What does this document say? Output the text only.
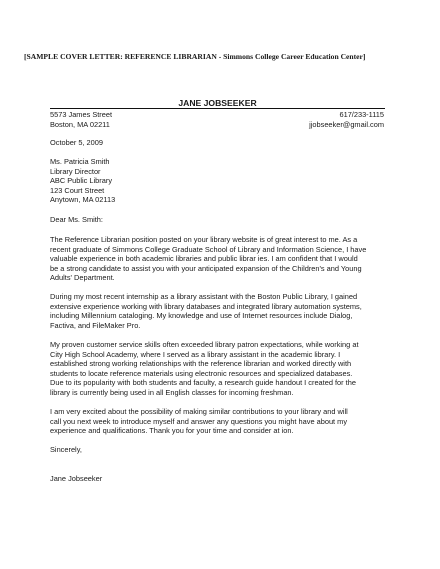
[SAMPLE COVER LETTER: REFERENCE LIBRARIAN - Simmons College Career Education Center]
JANE JOBSEEKER
5573 James Street
Boston, MA 02211
617/233-1115
jjobseeker@gmail.com
October 5, 2009
Ms. Patricia Smith
Library Director
ABC Public Library
123 Court Street
Anytown, MA 02113
Dear Ms. Smith:
The Reference Librarian position posted on your library website is of great interest to me. As a
recent graduate of Simmons College Graduate School of Library and Information Science, I have
valuable experience in both academic libraries and public librar ies. I am confident that I would
be a strong candidate to assist you with your anticipated expansion of the Children's and Young
Adults' Department.
During my most recent internship as a library assistant with the Boston Public Library, I gained
extensive experience working with library databases and integrated library automation systems,
including Millennium cataloging. My knowledge and use of Internet resources include Dialog,
Factiva, and FileMaker Pro.
My proven customer service skills often exceeded library patron expectations, while working at
City High School Academy, where I served as a library assistant in the academic library. I
established strong working relationships with the reference librarian and worked directly with
students to locate reference materials using electronic resources and specialized databases.
Due to its popularity with both students and faculty, a research guide handout I created for the
library is currently being used in all English classes for incoming freshman.
I am very excited about the possibility of making similar contributions to your library and will
call you next week to introduce myself and answer any questions you might have about my
experience and qualifications. Thank you for your time and consider at ion.
Sincerely,
Jane Jobseeker
